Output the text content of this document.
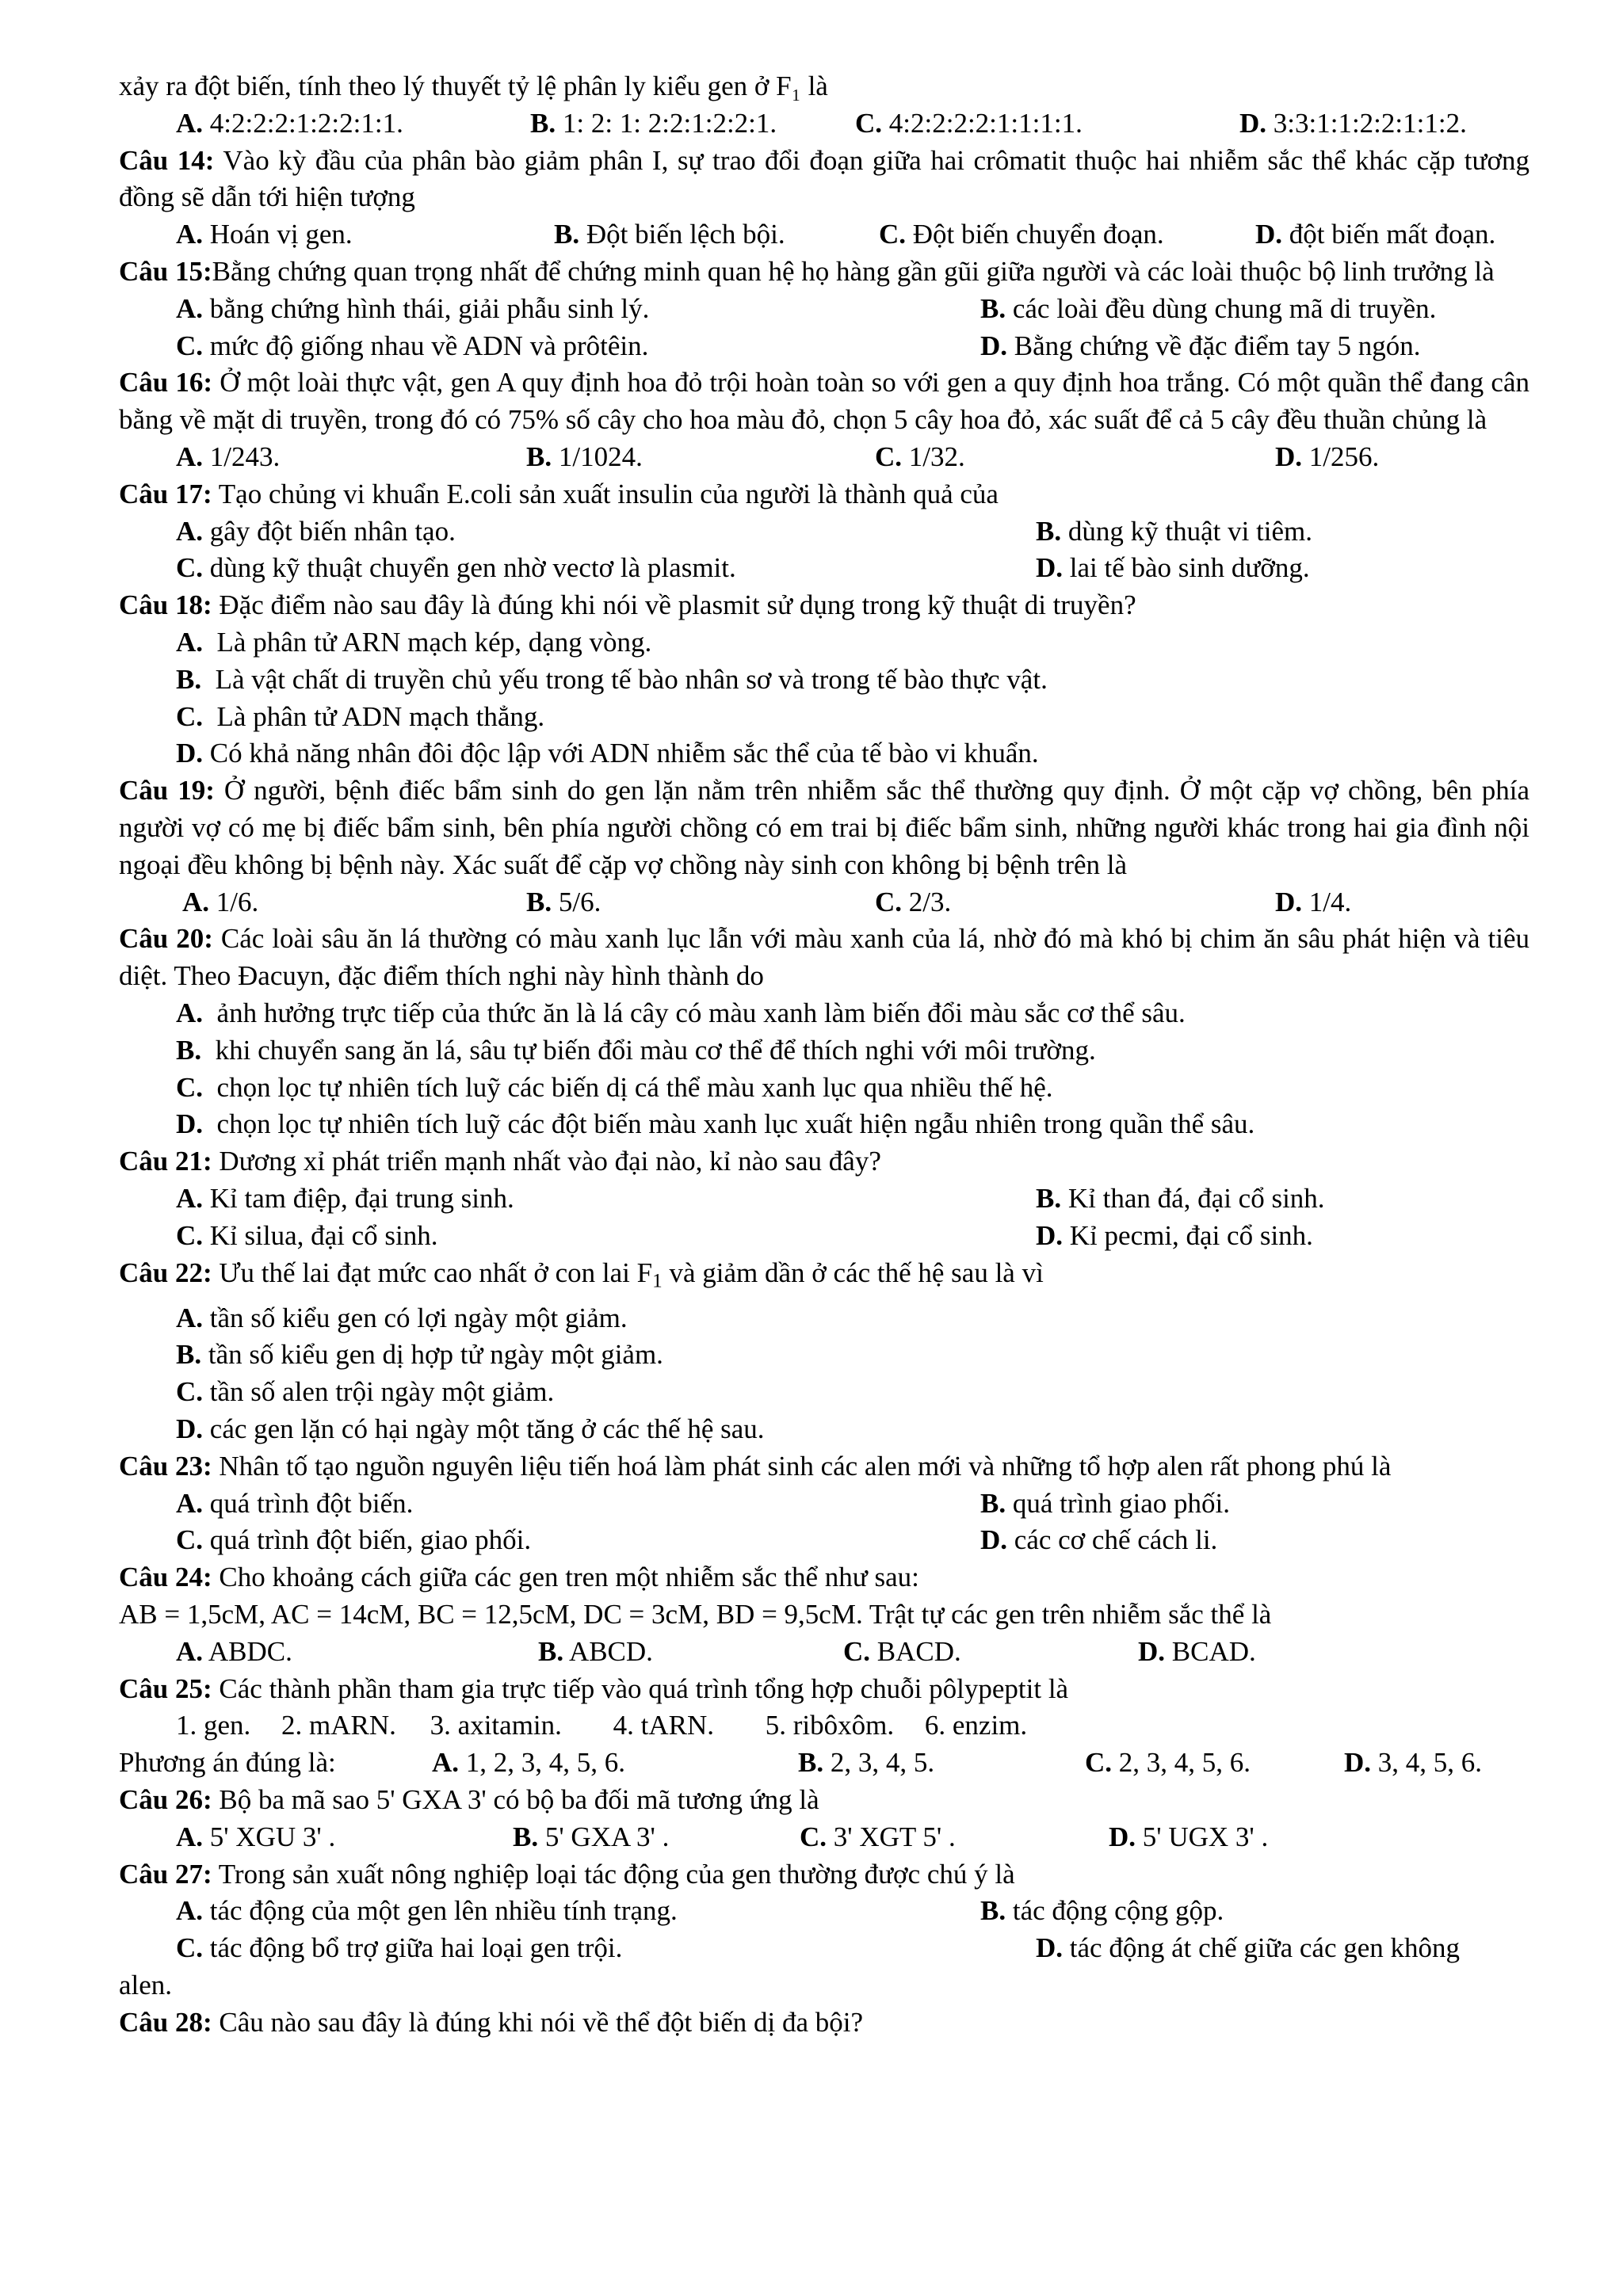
xảy ra đột biến, tính theo lý thuyết tỷ lệ phân ly kiểu gen ở F₁ là

A. 4:2:2:2:1:2:2:1:1.	B. 1: 2: 1: 2:2:1:2:2:1.	C. 4:2:2:2:2:1:1:1:1.	D. 3:3:1:1:2:2:1:1:2.

Câu 14: Vào kỳ đầu của phân bào giảm phân I, sự trao đổi đoạn giữa hai crômatit thuộc hai nhiễm sắc thể khác cặp tương đồng sẽ dẫn tới hiện tượng

A. Hoán vị gen.	B. Đột biến lệch bội.	C. Đột biến chuyển đoạn.	D. đột biến mất đoạn.

Câu 15:Bằng chứng quan trọng nhất để chứng minh quan hệ họ hàng gần gũi giữa người và các loài thuộc bộ linh trưởng là

A. bằng chứng hình thái, giải phẫu sinh lý.	B. các loài đều dùng chung mã di truyền.
C. mức độ giống nhau về ADN và prôtêin.	D. Bằng chứng về đặc điểm tay 5 ngón.

Câu 16: Ở một loài thực vật, gen A quy định hoa đỏ trội hoàn toàn so với gen a quy định hoa trắng. Có một quần thể đang cân bằng về mặt di truyền, trong đó có 75% số cây cho hoa màu đỏ, chọn 5 cây hoa đỏ, xác suất để cả 5 cây đều thuần chủng là

A. 1/243.	B. 1/1024.	C. 1/32.	D. 1/256.

Câu 17: Tạo chủng vi khuẩn E.coli sản xuất insulin của người là thành quả của

A. gây đột biến nhân tạo.	B. dùng kỹ thuật vi tiêm.
C. dùng kỹ thuật chuyển gen nhờ vectơ là plasmit.	D. lai tế bào sinh dưỡng.

Câu 18: Đặc điểm nào sau đây là đúng khi nói về plasmit sử dụng trong kỹ thuật di truyền?

A. Là phân tử ARN mạch kép, dạng vòng.
B. Là vật chất di truyền chủ yếu trong tế bào nhân sơ và trong tế bào thực vật.
C. Là phân tử ADN mạch thẳng.
D. Có khả năng nhân đôi độc lập với ADN nhiễm sắc thể của tế bào vi khuẩn.

Câu 19: Ở người, bệnh điếc bẩm sinh do gen lặn nằm trên nhiễm sắc thể thường quy định. Ở một cặp vợ chồng, bên phía người vợ có mẹ bị điếc bẩm sinh, bên phía người chồng có em trai bị điếc bẩm sinh, những người khác trong hai gia đình nội ngoại đều không bị bệnh này. Xác suất để cặp vợ chồng này sinh con không bị bệnh trên là

A. 1/6.	B. 5/6.	C. 2/3.	D. 1/4.

Câu 20: Các loài sâu ăn lá thường có màu xanh lục lẫn với màu xanh của lá, nhờ đó mà khó bị chim ăn sâu phát hiện và tiêu diệt. Theo Đacuyn, đặc điểm thích nghi này hình thành do

A. ảnh hưởng trực tiếp của thức ăn là lá cây có màu xanh làm biến đổi màu sắc cơ thể sâu.
B. khi chuyển sang ăn lá, sâu tự biến đổi màu cơ thể để thích nghi với môi trường.
C. chọn lọc tự nhiên tích luỹ các biến dị cá thể màu xanh lục qua nhiều thế hệ.
D. chọn lọc tự nhiên tích luỹ các đột biến màu xanh lục xuất hiện ngẫu nhiên trong quần thể sâu.

Câu 21: Dương xỉ phát triển mạnh nhất vào đại nào, kỉ nào sau đây?

A. Kỉ tam điệp, đại trung sinh.	B. Kỉ than đá, đại cổ sinh.
C. Kỉ silua, đại cổ sinh.	D. Kỉ pecmi, đại cổ sinh.

Câu 22: Ưu thế lai đạt mức cao nhất ở con lai $F_1$ và giảm dần ở các thế hệ sau là vì

A. tần số kiểu gen có lợi ngày một giảm.
B. tần số kiểu gen dị hợp tử ngày một giảm.
C. tần số alen trội ngày một giảm.
D. các gen lặn có hại ngày một tăng ở các thế hệ sau.

Câu 23: Nhân tố tạo nguồn nguyên liệu tiến hoá làm phát sinh các alen mới và những tổ hợp alen rất phong phú là

A. quá trình đột biến.	B. quá trình giao phối.
C. quá trình đột biến, giao phối.	D. các cơ chế cách li.

Câu 24: Cho khoảng cách giữa các gen tren một nhiễm sắc thể như sau:

AB = 1,5cM, AC = 14cM, BC = 12,5cM, DC = 3cM, BD = 9,5cM. Trật tự các gen trên nhiễm sắc thể là

A. ABDC.	B. ABCD.	C. BACD.	D. BCAD.

Câu 25: Các thành phần tham gia trực tiếp vào quá trình tổng hợp chuỗi pôlypeptit là

1. gen. 2. mARN. 3. axitamin. 4. tARN. 5. ribôxôm. 6. enzim.
Phương án đúng là:	A. 1, 2, 3, 4, 5, 6.	B. 2, 3, 4, 5.	C. 2, 3, 4, 5, 6.	D. 3, 4, 5, 6.

Câu 26: Bộ ba mã sao 5' GXA 3' có bộ ba đối mã tương ứng là

A. 5' XGU 3' .	B. 5' GXA 3' .	C. 3' XGT 5' .	D. 5' UGX 3' .

Câu 27: Trong sản xuất nông nghiệp loại tác động của gen thường được chú ý là

A. tác động của một gen lên nhiều tính trạng.	B. tác động cộng gộp.
C. tác động bổ trợ giữa hai loại gen trội.	D. tác động át chế giữa các gen không

alen.

Câu 28: Câu nào sau đây là đúng khi nói về thể đột biến dị đa bội?
